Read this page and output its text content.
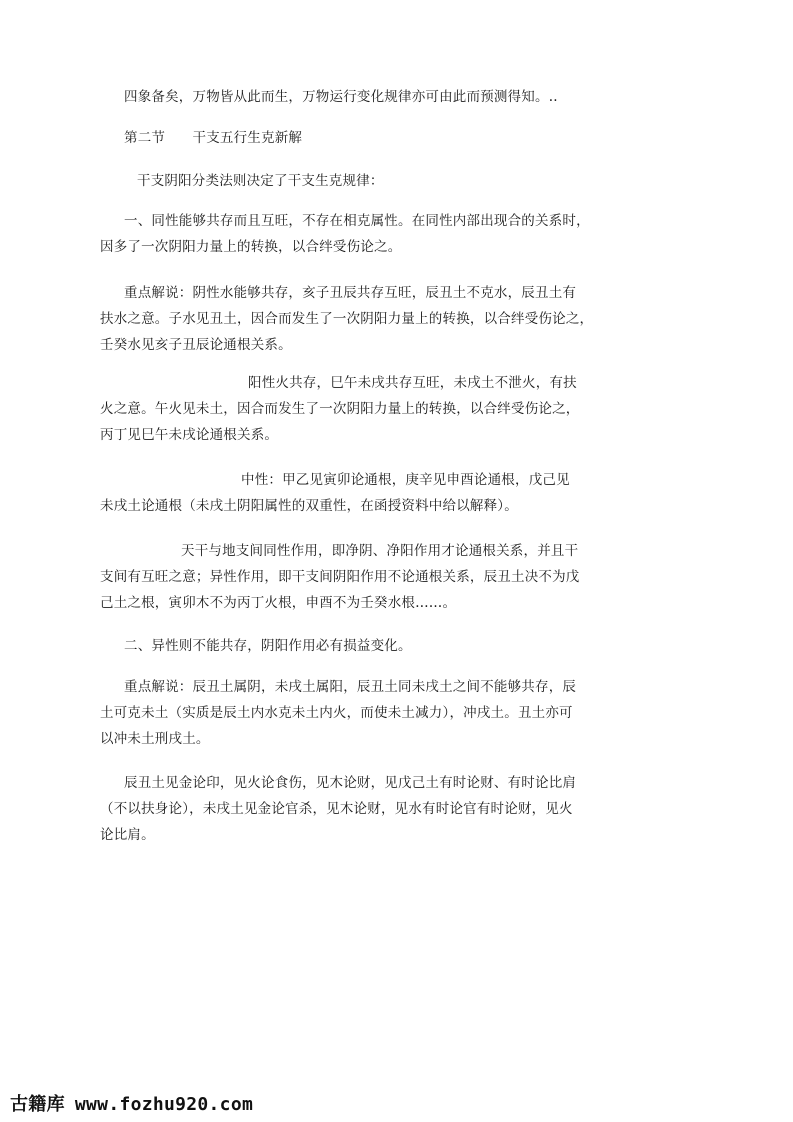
四象备矣，万物皆从此而生，万物运行变化规律亦可由此而预测得知。..
第二节　　干支五行生克新解
干支阴阳分类法则决定了干支生克规律：
一、同性能够共存而且互旺，不存在相克属性。在同性内部出现合的关系时，
因多了一次阴阳力量上的转换，以合绊受伤论之。
重点解说：阴性水能够共存，亥子丑辰共存互旺，辰丑土不克水，辰丑土有
扶水之意。子水见丑土，因合而发生了一次阴阳力量上的转换，以合绊受伤论之，
壬癸水见亥子丑辰论通根关系。
阳性火共存，巳午未戌共存互旺，未戌土不泄火，有扶
火之意。午火见未土，因合而发生了一次阴阳力量上的转换，以合绊受伤论之，
丙丁见巳午未戌论通根关系。
中性：甲乙见寅卯论通根，庚辛见申酉论通根，戊己见
未戌土论通根（未戌土阴阳属性的双重性，在函授资料中给以解释）。
天干与地支间同性作用，即净阴、净阳作用才论通根关系，并且干
支间有互旺之意；异性作用，即干支间阴阳作用不论通根关系，辰丑土决不为戊
己土之根，寅卯木不为丙丁火根，申酉不为壬癸水根……。
二、异性则不能共存，阴阳作用必有损益变化。
重点解说：辰丑土属阴，未戌土属阳，辰丑土同未戌土之间不能够共存，辰
土可克未土（实质是辰土内水克未土内火，而使未土减力），冲戌土。丑土亦可
以冲未土刑戌土。
辰丑土见金论印，见火论食伤，见木论财，见戊己土有时论财、有时论比肩
（不以扶身论），未戌土见金论官杀，见木论财，见水有时论官有时论财，见火
论比肩。
古籍库 www.fozhu920.com
